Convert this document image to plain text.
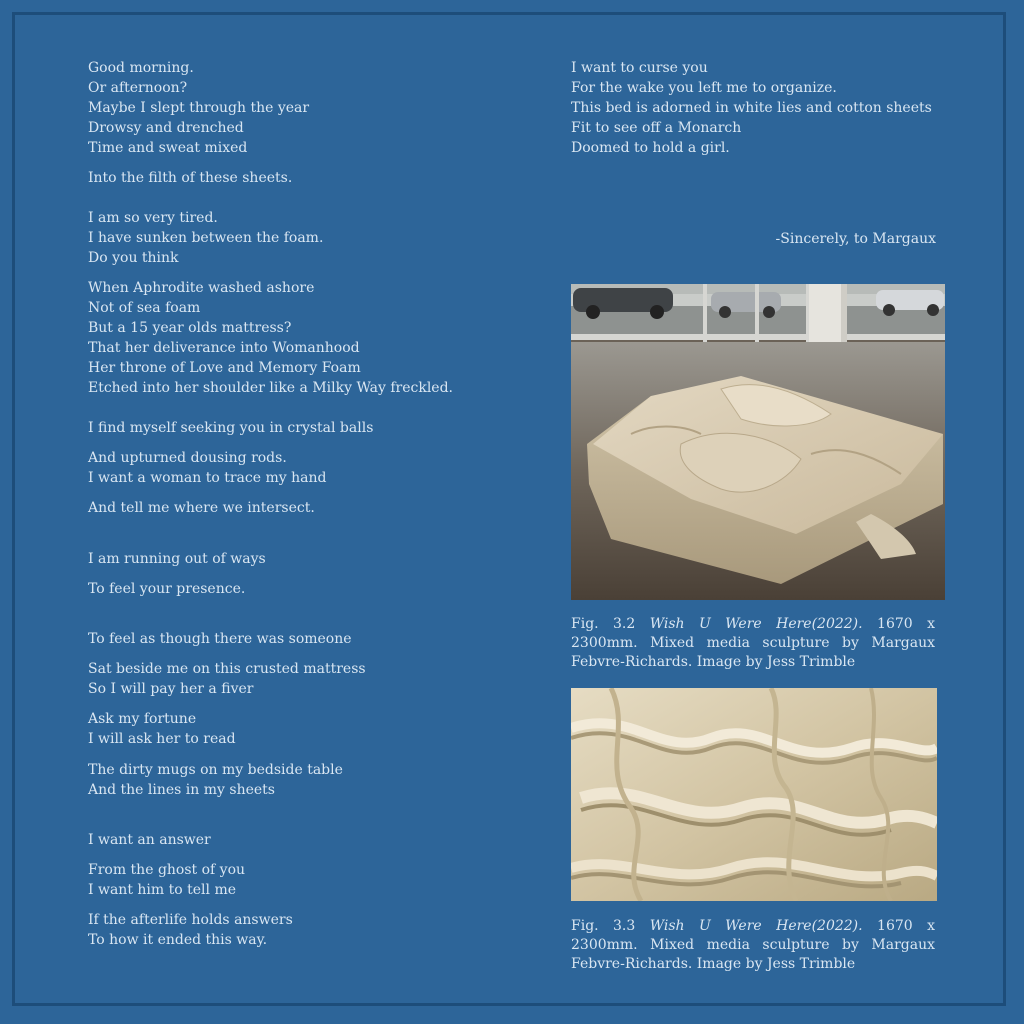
Good morning.
Or afternoon?
Maybe I slept through the year
Drowsy and drenched
Time and sweat mixed
Into the filth of these sheets.
I am so very tired.
I have sunken between the foam.
Do you think
When Aphrodite washed ashore
Not of sea foam
But a 15 year olds mattress?
That her deliverance into Womanhood
Her throne of Love and Memory Foam
Etched into her shoulder like a Milky Way freckled.
I find myself seeking you in crystal balls
And upturned dousing rods.
I want a woman to trace my hand
And tell me where we intersect.
I am running out of ways
To feel your presence.
To feel as though there was someone
Sat beside me on this crusted mattress
So I will pay her a fiver
Ask my fortune
I will ask her to read
The dirty mugs on my bedside table
And the lines in my sheets
I want an answer
From the ghost of you
I want him to tell me
If the afterlife holds answers
To how it ended this way.
I want to curse you
For the wake you left me to organize.
This bed is adorned in white lies and cotton sheets
Fit to see off a Monarch
Doomed to hold a girl.
-Sincerely, to Margaux
Fig. 3.2 Wish U Were Here(2022). 1670 x 2300mm. Mixed media sculpture by Margaux Febvre-Richards. Image by Jess Trimble
Fig. 3.3 Wish U Were Here(2022). 1670 x 2300mm. Mixed media sculpture by Margaux Febvre-Richards. Image by Jess Trimble
